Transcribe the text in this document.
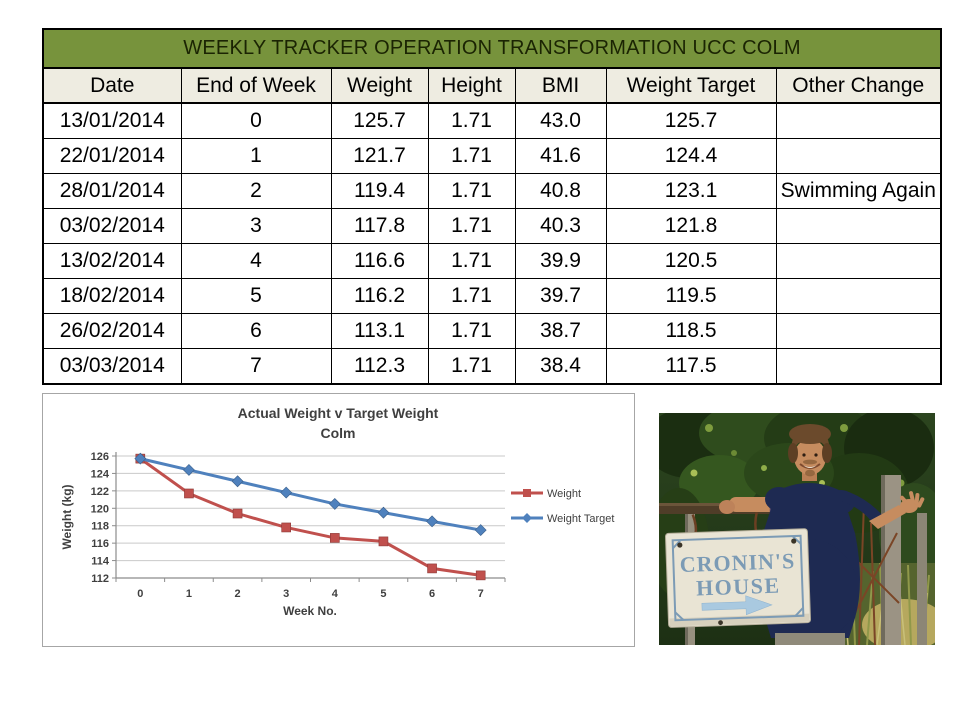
WEEKLY TRACKER OPERATION TRANSFORMATION UCC COLM						
Date	End of Week	Weight	Height	BMI	Weight Target	Other Change
13/01/2014	0	125.7	1.71	43.0	125.7	
22/01/2014	1	121.7	1.71	41.6	124.4	
28/01/2014	2	119.4	1.71	40.8	123.1	Swimming Again
03/02/2014	3	117.8	1.71	40.3	121.8	
13/02/2014	4	116.6	1.71	39.9	120.5	
18/02/2014	5	116.2	1.71	39.7	119.5	
26/02/2014	6	113.1	1.71	38.7	118.5	
03/03/2014	7	112.3	1.71	38.4	117.5	
112
114
116
118
120
122
124
126
0	1	2	3	4	5	6	7
Weight
Weight Target
Actual Weight v Target Weight
Colm
Week No.
Weight (kg)
CRONIN'S
HOUSE
